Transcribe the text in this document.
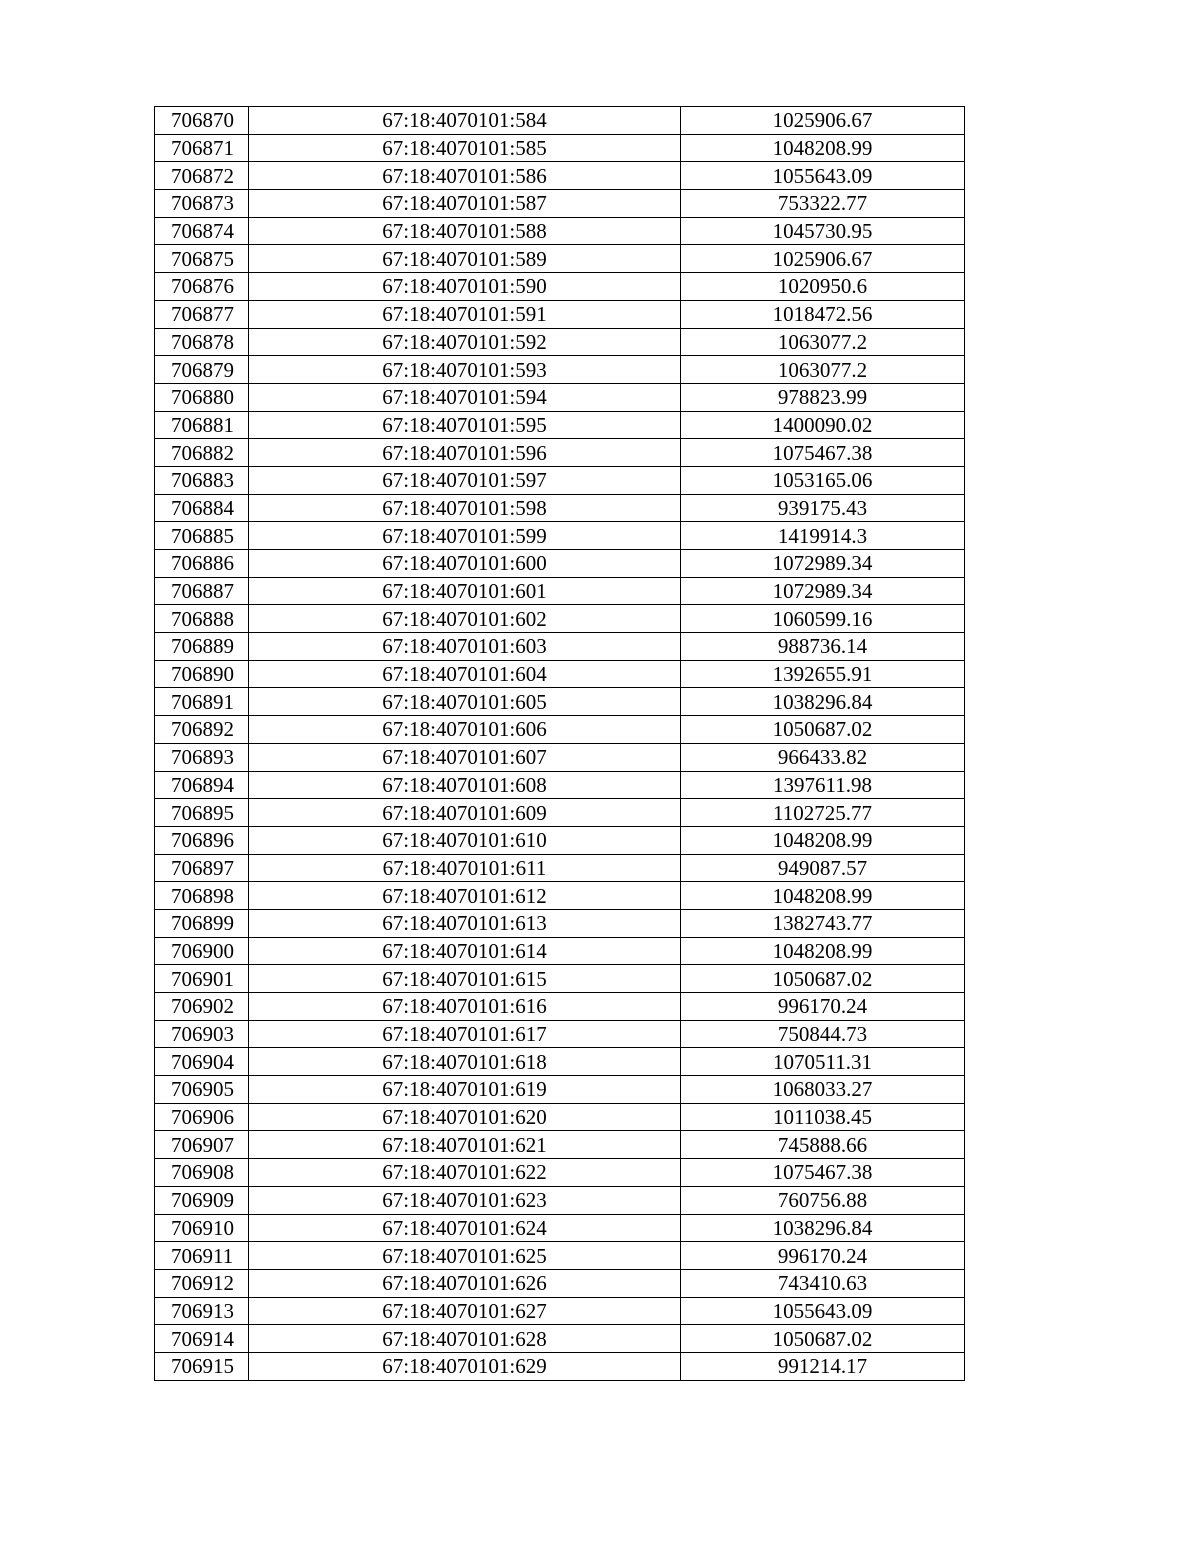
706870	67:18:4070101:584	1025906.67
706871	67:18:4070101:585	1048208.99
706872	67:18:4070101:586	1055643.09
706873	67:18:4070101:587	753322.77
706874	67:18:4070101:588	1045730.95
706875	67:18:4070101:589	1025906.67
706876	67:18:4070101:590	1020950.6
706877	67:18:4070101:591	1018472.56
706878	67:18:4070101:592	1063077.2
706879	67:18:4070101:593	1063077.2
706880	67:18:4070101:594	978823.99
706881	67:18:4070101:595	1400090.02
706882	67:18:4070101:596	1075467.38
706883	67:18:4070101:597	1053165.06
706884	67:18:4070101:598	939175.43
706885	67:18:4070101:599	1419914.3
706886	67:18:4070101:600	1072989.34
706887	67:18:4070101:601	1072989.34
706888	67:18:4070101:602	1060599.16
706889	67:18:4070101:603	988736.14
706890	67:18:4070101:604	1392655.91
706891	67:18:4070101:605	1038296.84
706892	67:18:4070101:606	1050687.02
706893	67:18:4070101:607	966433.82
706894	67:18:4070101:608	1397611.98
706895	67:18:4070101:609	1102725.77
706896	67:18:4070101:610	1048208.99
706897	67:18:4070101:611	949087.57
706898	67:18:4070101:612	1048208.99
706899	67:18:4070101:613	1382743.77
706900	67:18:4070101:614	1048208.99
706901	67:18:4070101:615	1050687.02
706902	67:18:4070101:616	996170.24
706903	67:18:4070101:617	750844.73
706904	67:18:4070101:618	1070511.31
706905	67:18:4070101:619	1068033.27
706906	67:18:4070101:620	1011038.45
706907	67:18:4070101:621	745888.66
706908	67:18:4070101:622	1075467.38
706909	67:18:4070101:623	760756.88
706910	67:18:4070101:624	1038296.84
706911	67:18:4070101:625	996170.24
706912	67:18:4070101:626	743410.63
706913	67:18:4070101:627	1055643.09
706914	67:18:4070101:628	1050687.02
706915	67:18:4070101:629	991214.17
